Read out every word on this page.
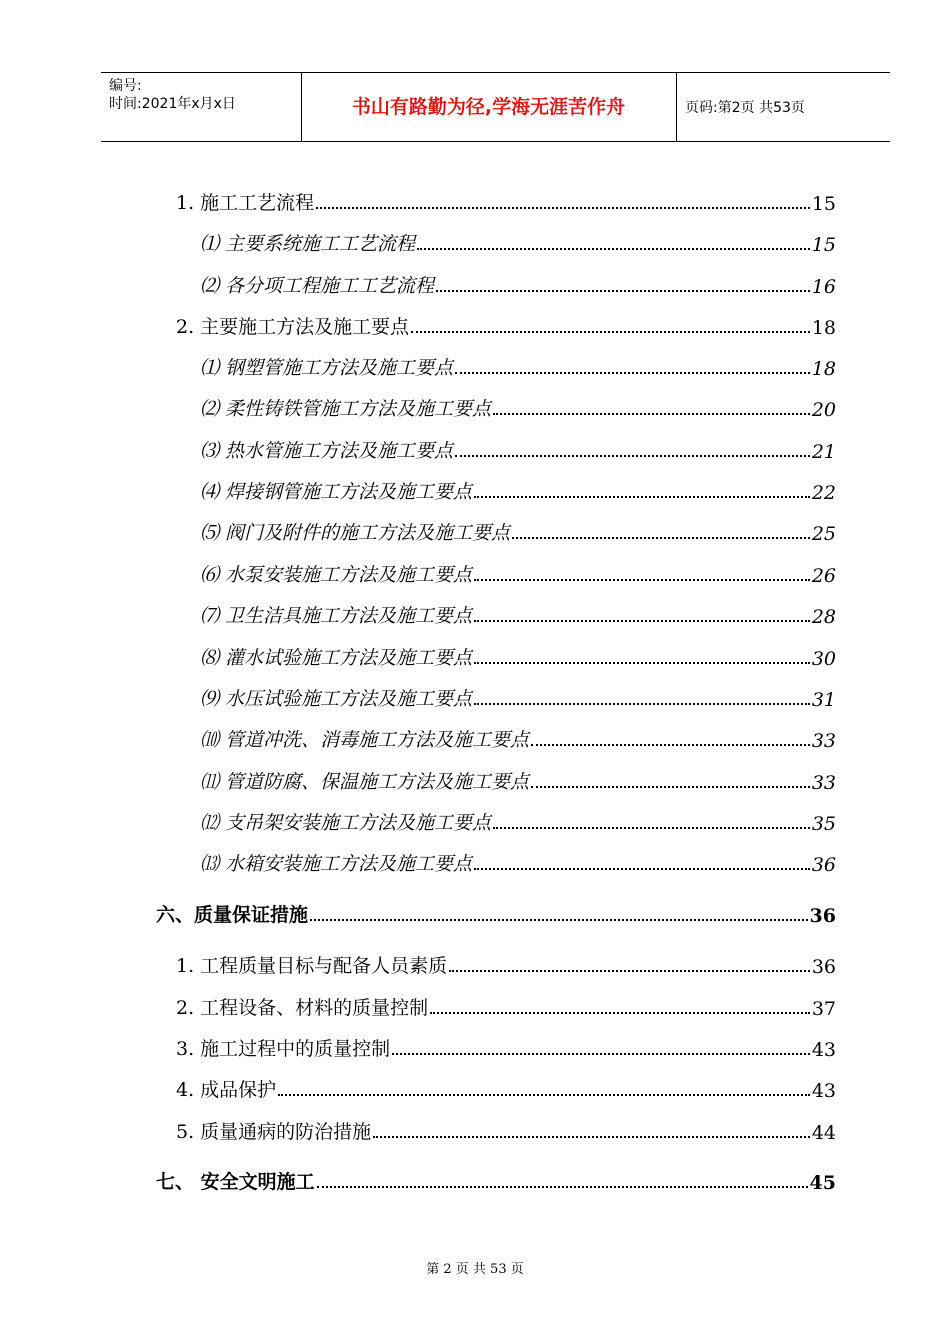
编号:
时间:2021年x月x日	书山有路勤为径,学海无涯苦作舟	页码:第2页 共53页
1. 施工工艺流程	15
⑴ 主要系统施工工艺流程	15
⑵ 各分项工程施工工艺流程	16
2. 主要施工方法及施工要点	18
⑴ 钢塑管施工方法及施工要点	18
⑵ 柔性铸铁管施工方法及施工要点	20
⑶ 热水管施工方法及施工要点	21
⑷ 焊接钢管施工方法及施工要点	22
⑸ 阀门及附件的施工方法及施工要点	25
⑹ 水泵安装施工方法及施工要点	26
⑺ 卫生洁具施工方法及施工要点	28
⑻ 灌水试验施工方法及施工要点	30
⑼ 水压试验施工方法及施工要点	31
⑽ 管道冲洗、消毒施工方法及施工要点	33
⑾ 管道防腐、保温施工方法及施工要点	33
⑿ 支吊架安装施工方法及施工要点	35
⒀ 水箱安装施工方法及施工要点	36
六、质量保证措施	36
1. 工程质量目标与配备人员素质	36
2. 工程设备、材料的质量控制	37
3. 施工过程中的质量控制	43
4. 成品保护	43
5. 质量通病的防治措施	44
七、 安全文明施工	45
第 2 页 共 53 页
